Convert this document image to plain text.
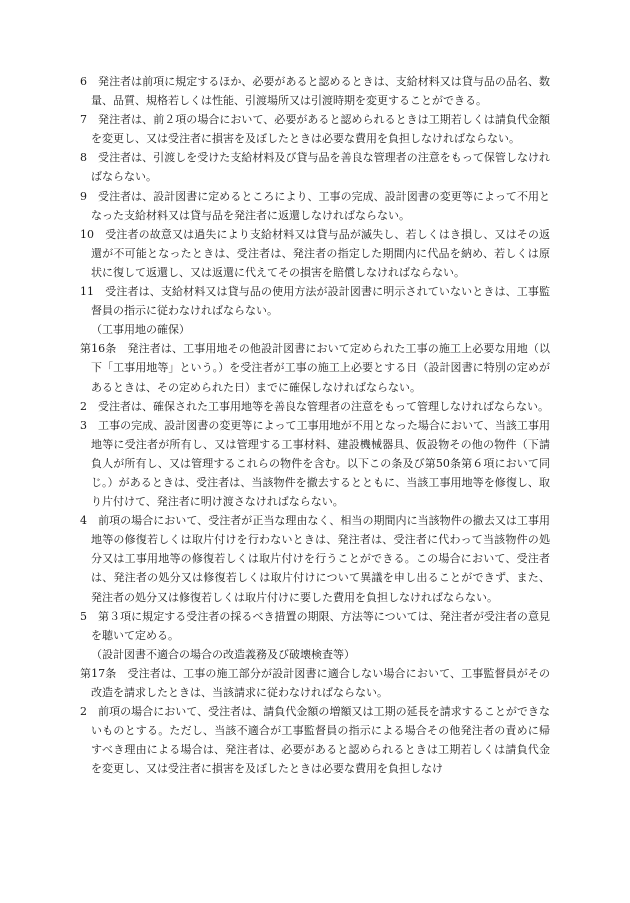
6　発注者は前項に規定するほか、必要があると認めるときは、支給材料又は貸与品の品名、数量、品質、規格若しくは性能、引渡場所又は引渡時期を変更することができる。

7　発注者は、前２項の場合において、必要があると認められるときは工期若しくは請負代金額を変更し、又は受注者に損害を及ぼしたときは必要な費用を負担しなければならない。

8　受注者は、引渡しを受けた支給材料及び貸与品を善良な管理者の注意をもって保管しなければならない。

9　受注者は、設計図書に定めるところにより、工事の完成、設計図書の変更等によって不用となった支給材料又は貸与品を発注者に返還しなければならない。

10　受注者の故意又は過失により支給材料又は貸与品が滅失し、若しくはき損し、又はその返還が不可能となったときは、受注者は、発注者の指定した期間内に代品を納め、若しくは原状に復して返還し、又は返還に代えてその損害を賠償しなければならない。

11　受注者は、支給材料又は貸与品の使用方法が設計図書に明示されていないときは、工事監督員の指示に従わなければならない。

（工事用地の確保）

第16条　発注者は、工事用地その他設計図書において定められた工事の施工上必要な用地（以下「工事用地等」という。）を受注者が工事の施工上必要とする日（設計図書に特別の定めがあるときは、その定められた日）までに確保しなければならない。

2　受注者は、確保された工事用地等を善良な管理者の注意をもって管理しなければならない。

3　工事の完成、設計図書の変更等によって工事用地が不用となった場合において、当該工事用地等に受注者が所有し、又は管理する工事材料、建設機械器具、仮設物その他の物件（下請負人が所有し、又は管理するこれらの物件を含む。以下この条及び第50条第６項において同じ。）があるときは、受注者は、当該物件を撤去するとともに、当該工事用地等を修復し、取り片付けて、発注者に明け渡さなければならない。

4　前項の場合において、受注者が正当な理由なく、相当の期間内に当該物件の撤去又は工事用地等の修復若しくは取片付けを行わないときは、発注者は、受注者に代わって当該物件の処分又は工事用地等の修復若しくは取片付けを行うことができる。この場合において、受注者は、発注者の処分又は修復若しくは取片付けについて異議を申し出ることができず、また、発注者の処分又は修復若しくは取片付けに要した費用を負担しなければならない。

5　第３項に規定する受注者の採るべき措置の期限、方法等については、発注者が受注者の意見を聴いて定める。

（設計図書不適合の場合の改造義務及び破壊検査等）

第17条　受注者は、工事の施工部分が設計図書に適合しない場合において、工事監督員がその改造を請求したときは、当該請求に従わなければならない。

2　前項の場合において、受注者は、請負代金額の増額又は工期の延長を請求することができないものとする。ただし、当該不適合が工事監督員の指示による場合その他発注者の責めに帰すべき理由による場合は、発注者は、必要があると認められるときは工期若しくは請負代金を変更し、又は受注者に損害を及ぼしたときは必要な費用を負担しなけ
